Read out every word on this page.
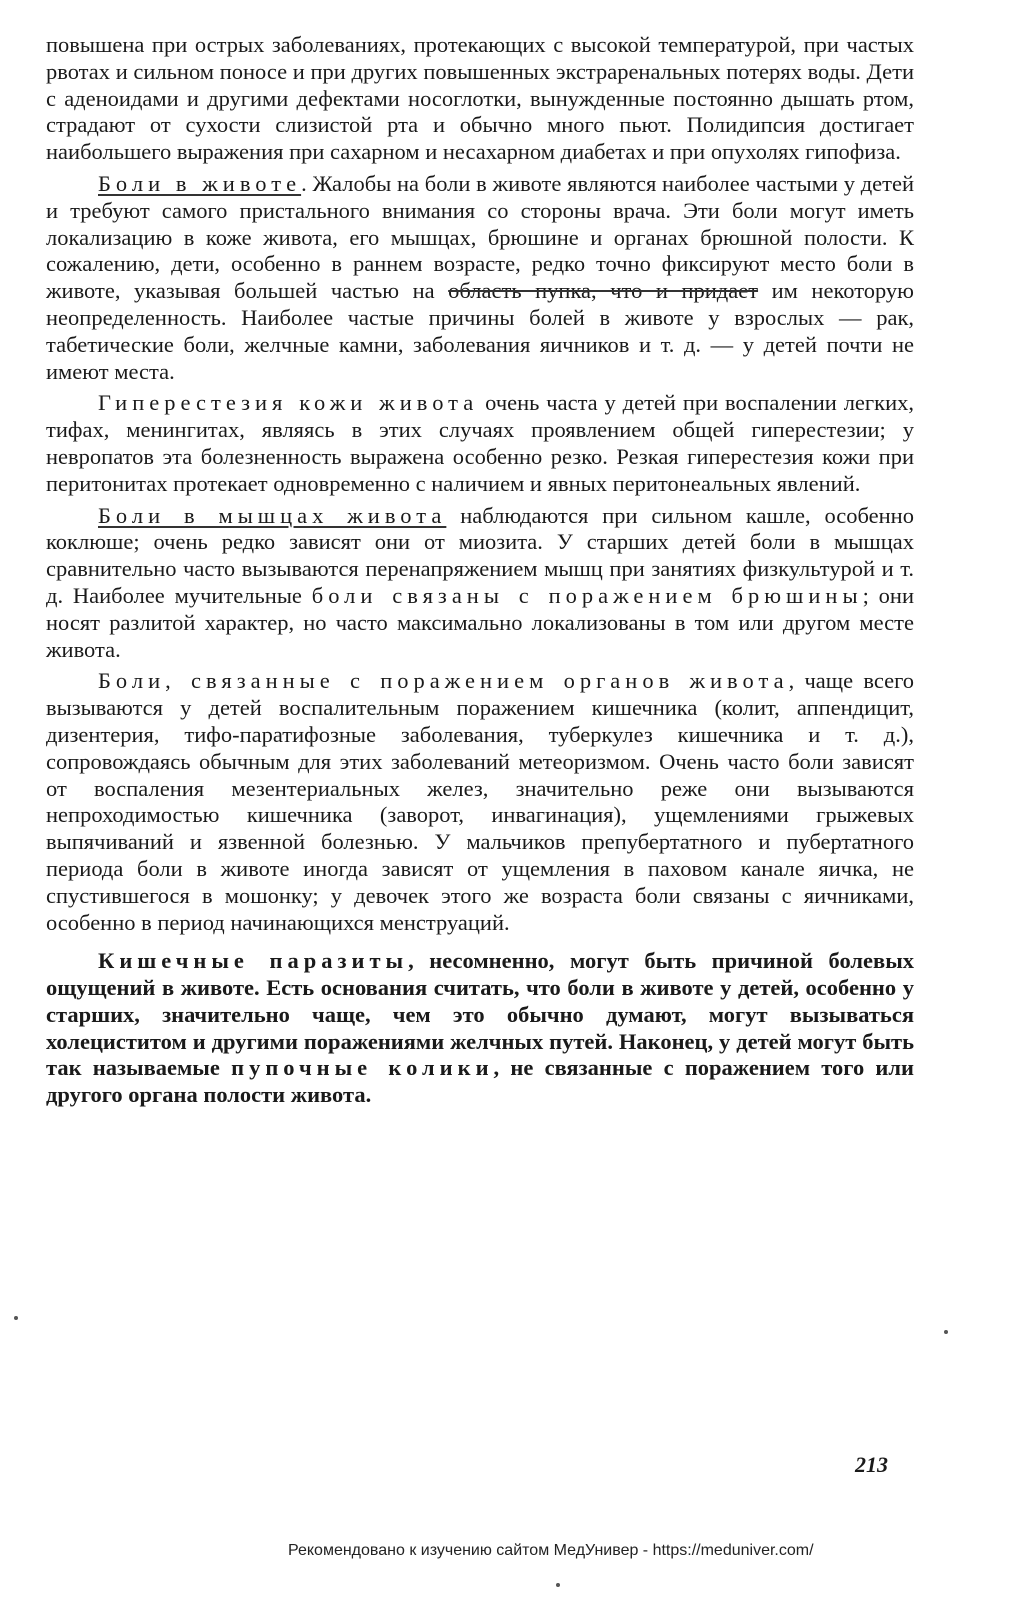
повышена при острых заболеваниях, протекающих с высокой температурой, при частых рвотах и сильном поносе и при других повышенных экстраренальных потерях воды. Дети с аденоидами и другими дефектами носоглотки, вынужденные постоянно дышать ртом, страдают от сухости слизистой рта и обычно много пьют. Полидипсия достигает наибольшего выражения при сахарном и несахарном диабетах и при опухолях гипофиза.

Боли в животе. Жалобы на боли в животе являются наиболее частыми у детей и требуют самого пристального внимания со стороны врача. Эти боли могут иметь локализацию в коже живота, его мышцах, брюшине и органах брюшной полости. К сожалению, дети, особенно в раннем возрасте, редко точно фиксируют место боли в животе, указывая большей частью на область пупка, что и придает им некоторую неопределенность. Наиболее частые причины болей в животе у взрослых — рак, табетические боли, желчные камни, заболевания яичников и т. д. — у детей почти не имеют места.

Гиперестезия кожи живота очень часта у детей при воспалении легких, тифах, менингитах, являясь в этих случаях проявлением общей гиперестезии; у невропатов эта болезненность выражена особенно резко. Резкая гиперестезия кожи при перитонитах протекает одновременно с наличием и явных перитонеальных явлений.

Боли в мышцах живота наблюдаются при сильном кашле, особенно коклюше; очень редко зависят они от миозита. У старших детей боли в мышцах сравнительно часто вызываются перенапряжением мышц при занятиях физкультурой и т. д. Наиболее мучительные боли связаны с поражением брюшины; они носят разлитой характер, но часто максимально локализованы в том или другом месте живота.

Боли, связанные с поражением органов живота, чаще всего вызываются у детей воспалительным поражением кишечника (колит, аппендицит, дизентерия, тифо-паратифозные заболевания, туберкулез кишечника и т. д.), сопровождаясь обычным для этих заболеваний метеоризмом. Очень часто боли зависят от воспаления мезентериальных желез, значительно реже они вызываются непроходимостью кишечника (заворот, инвагинация), ущемлениями грыжевых выпячиваний и язвенной болезнью. У мальчиков препубертатного и пубертатного периода боли в животе иногда зависят от ущемления в паховом канале яичка, не спустившегося в мошонку; у девочек этого же возраста боли связаны с яичниками, особенно в период начинающихся менструаций.

Кишечные паразиты, несомненно, могут быть причиной болевых ощущений в животе. Есть основания считать, что боли в животе у детей, особенно у старших, значительно чаще, чем это обычно думают, могут вызываться холециститом и другими поражениями желчных путей. Наконец, у детей могут быть так называемые пупочные колики, не связанные с поражением того или другого органа полости живота.

213
Рекомендовано к изучению сайтом МедУнивер - https://meduniver.com/
